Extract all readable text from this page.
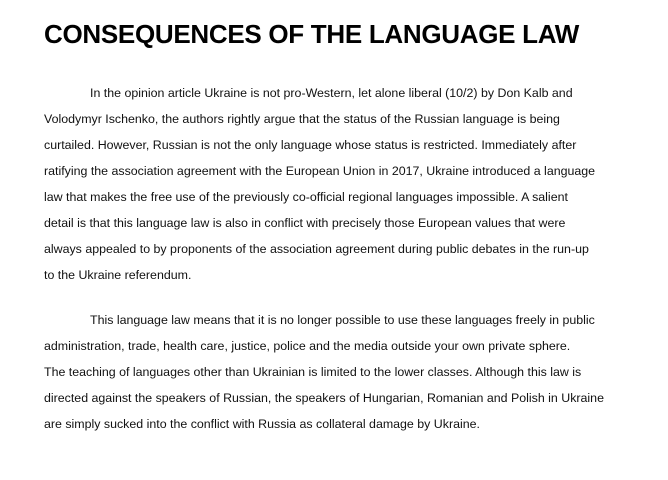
CONSEQUENCES OF THE LANGUAGE LAW
In the opinion article Ukraine is not pro-Western, let alone liberal (10/2) by Don Kalb and
Volodymyr Ischenko, the authors rightly argue that the status of the Russian language is being
curtailed. However, Russian is not the only language whose status is restricted. Immediately after
ratifying the association agreement with the European Union in 2017, Ukraine introduced a language
law that makes the free use of the previously co-official regional languages impossible. A salient
detail is that this language law is also in conflict with precisely those European values that were
always appealed to by proponents of the association agreement during public debates in the run-up
to the Ukraine referendum.
This language law means that it is no longer possible to use these languages freely in public
administration, trade, health care, justice, police and the media outside your own private sphere.
The teaching of languages other than Ukrainian is limited to the lower classes. Although this law is
directed against the speakers of Russian, the speakers of Hungarian, Romanian and Polish in Ukraine
are simply sucked into the conflict with Russia as collateral damage by Ukraine.
